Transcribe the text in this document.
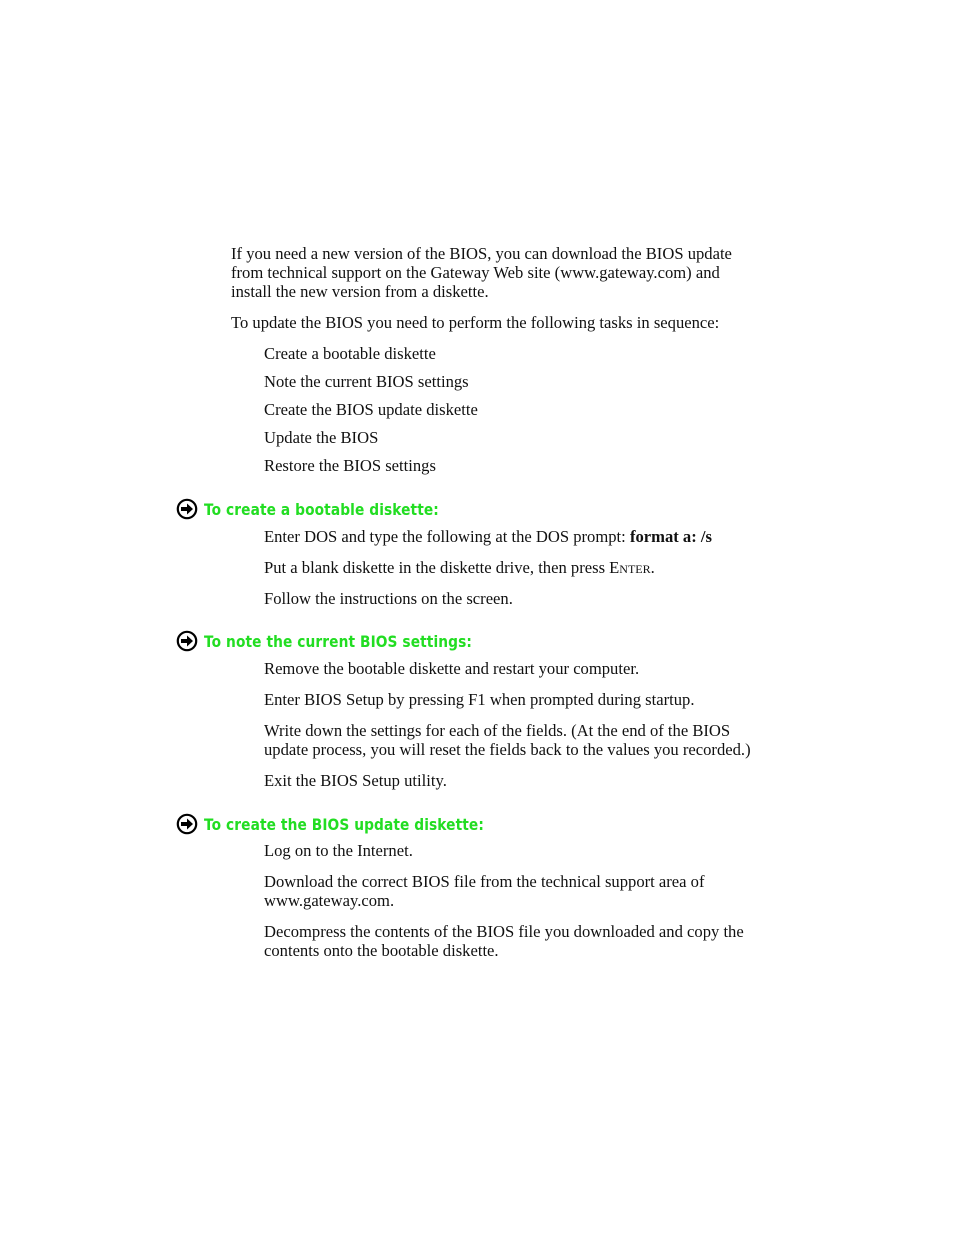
If you need a new version of the BIOS, you can download the BIOS update

from technical support on the Gateway Web site (www.gateway.com) and

install the new version from a diskette.

To update the BIOS you need to perform the following tasks in sequence:

Create a bootable diskette

Note the current BIOS settings

Create the BIOS update diskette

Update the BIOS

Restore the BIOS settings

To create a bootable diskette:

Enter DOS and type the following at the DOS prompt: format a: /s

Put a blank diskette in the diskette drive, then press Enter.

Follow the instructions on the screen.

To note the current BIOS settings:

Remove the bootable diskette and restart your computer.

Enter BIOS Setup by pressing F1 when prompted during startup.

Write down the settings for each of the fields. (At the end of the BIOS

update process, you will reset the fields back to the values you recorded.)

Exit the BIOS Setup utility.

To create the BIOS update diskette:

Log on to the Internet.

Download the correct BIOS file from the technical support area of

www.gateway.com.

Decompress the contents of the BIOS file you downloaded and copy the

contents onto the bootable diskette.
